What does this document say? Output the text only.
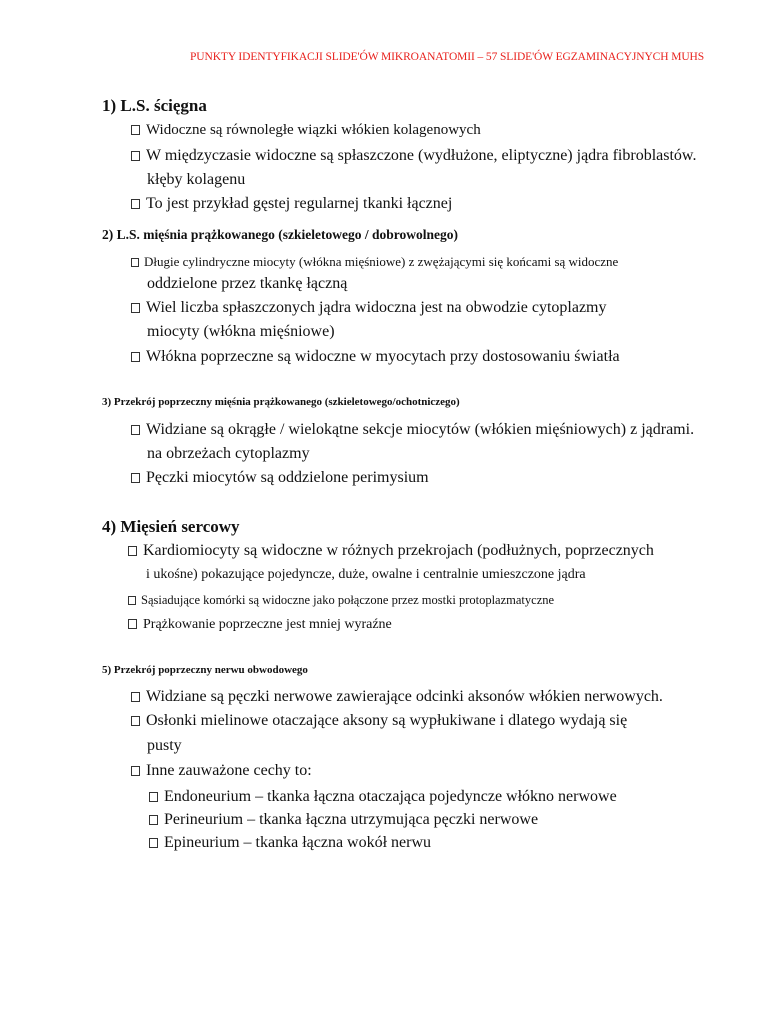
PUNKTY IDENTYFIKACJI SLIDE'ÓW MIKROANATOMII – 57 SLIDE'ÓW EGZAMINACYJNYCH MUHS
1) L.S. ścięgna
Widoczne są równoległe wiązki włókien kolagenowych
W międzyczasie widoczne są spłaszczone (wydłużone, eliptyczne) jądra fibroblastów.
kłęby kolagenu
To jest przykład gęstej regularnej tkanki łącznej
2) L.S. mięśnia prążkowanego (szkieletowego / dobrowolnego)
Długie cylindryczne miocyty (włókna mięśniowe) z zwężającymi się końcami są widoczne
oddzielone przez tkankę łączną
Wiel liczba spłaszczonych jądra widoczna jest na obwodzie cytoplazmy
miocyty (włókna mięśniowe)
Włókna poprzeczne są widoczne w myocytach przy dostosowaniu światła
3) Przekrój poprzeczny mięśnia prążkowanego (szkieletowego/ochotniczego)
Widziane są okrągłe / wielokątne sekcje miocytów (włókien mięśniowych) z jądrami.
na obrzeżach cytoplazmy
Pęczki miocytów są oddzielone perimysium
4) Mięsień sercowy
Kardiomiocyty są widoczne w różnych przekrojach (podłużnych, poprzecznych
i ukośne) pokazujące pojedyncze, duże, owalne i centralnie umieszczone jądra
Sąsiadujące komórki są widoczne jako połączone przez mostki protoplazmatyczne
Prążkowanie poprzeczne jest mniej wyraźne
5) Przekrój poprzeczny nerwu obwodowego
Widziane są pęczki nerwowe zawierające odcinki aksonów włókien nerwowych.
Osłonki mielinowe otaczające aksony są wypłukiwane i dlatego wydają się
pusty
Inne zauważone cechy to:
Endoneurium – tkanka łączna otaczająca pojedyncze włókno nerwowe
Perineurium – tkanka łączna utrzymująca pęczki nerwowe
Epineurium – tkanka łączna wokół nerwu
